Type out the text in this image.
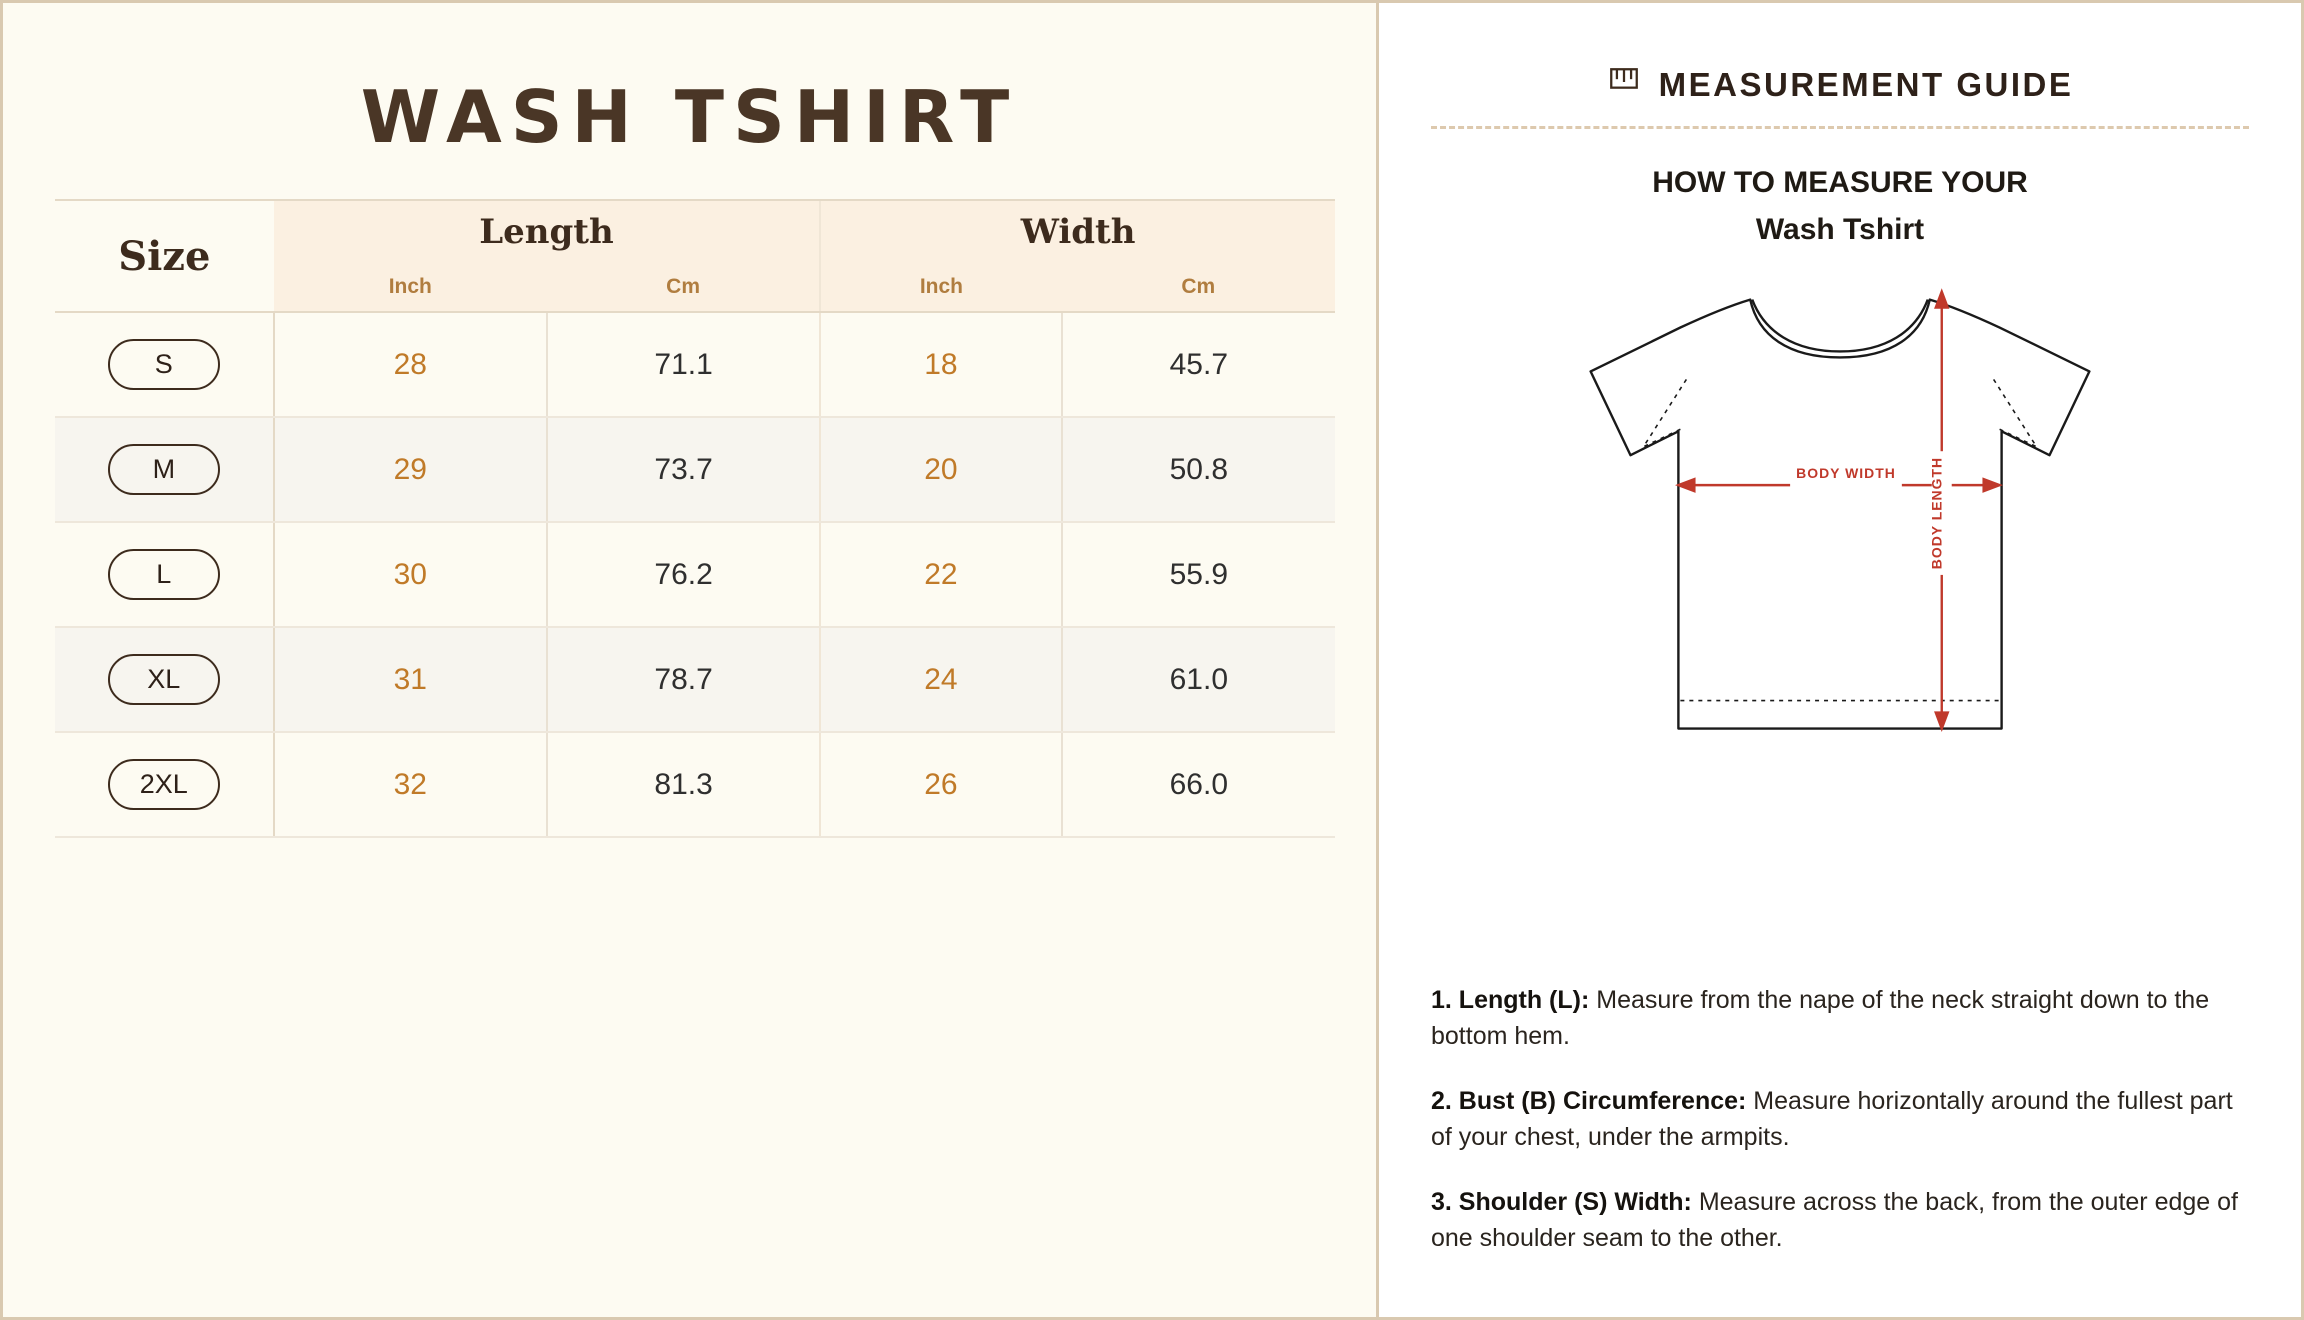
WASH TSHIRT
Size	Length		Width	
	Inch	Cm	Inch	Cm
S	28	71.1	18	45.7
M	29	73.7	20	50.8
L	30	76.2	22	55.9
XL	31	78.7	24	61.0
2XL	32	81.3	26	66.0
MEASUREMENT GUIDE
HOW TO MEASURE YOUR
Wash Tshirt
BODY WIDTH BODY LENGTH

1. Length (L): Measure from the nape of the neck straight down to the bottom hem.

2. Bust (B) Circumference: Measure horizontally around the fullest part of your chest, under the armpits.

3. Shoulder (S) Width: Measure across the back, from the outer edge of one shoulder seam to the other.
